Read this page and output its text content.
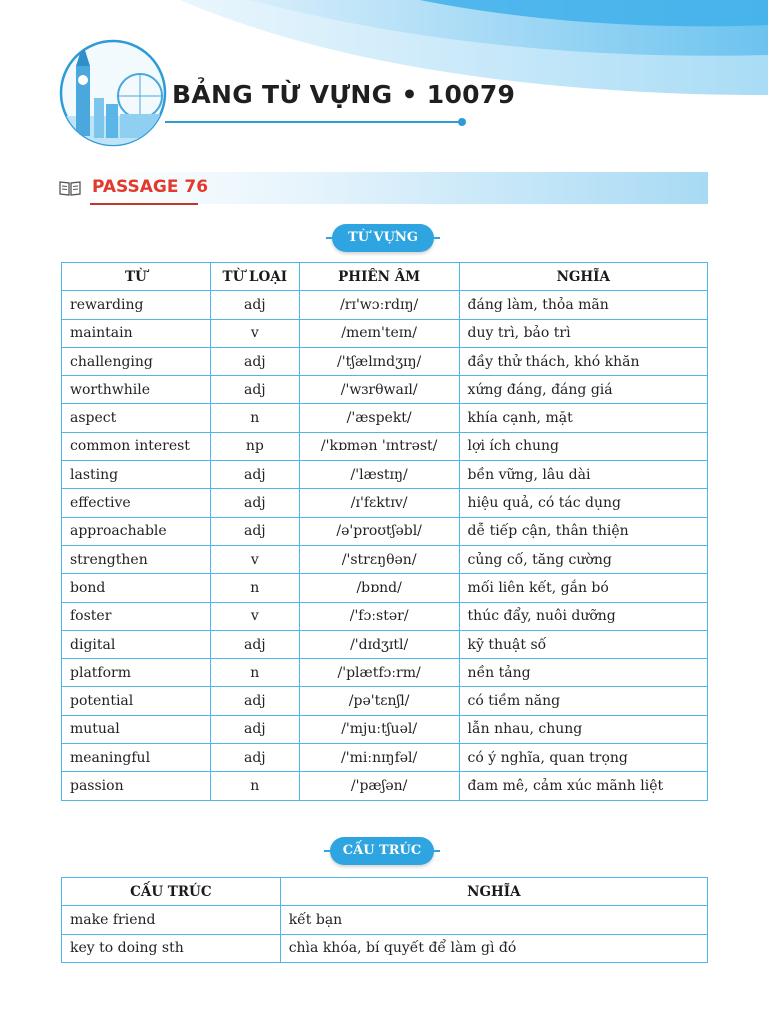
BẢNG TỪ VỰNG • 10079
PASSAGE 76
TỪ VỰNG
TỪ	TỪ LOẠI	PHIÊN ÂM	NGHĨA
rewarding	adj	/rɪ'wɔːrdɪŋ/	đáng làm, thỏa mãn
maintain	v	/meɪn'teɪn/	duy trì, bảo trì
challenging	adj	/'tʃælɪndʒɪŋ/	đầy thử thách, khó khăn
worthwhile	adj	/'wɜrθwaɪl/	xứng đáng, đáng giá
aspect	n	/'æspekt/	khía cạnh, mặt
common interest	np	/'kɒmən 'ɪntrəst/	lợi ích chung
lasting	adj	/'læstɪŋ/	bền vững, lâu dài
effective	adj	/ɪ'fɛktɪv/	hiệu quả, có tác dụng
approachable	adj	/ə'proʊtʃəbl/	dễ tiếp cận, thân thiện
strengthen	v	/'strɛŋθən/	củng cố, tăng cường
bond	n	/bɒnd/	mối liên kết, gắn bó
foster	v	/'fɔːstər/	thúc đẩy, nuôi dưỡng
digital	adj	/'dɪdʒɪtl/	kỹ thuật số
platform	n	/'plætfɔːrm/	nền tảng
potential	adj	/pə'tɛnʃl/	có tiềm năng
mutual	adj	/'mjuːtʃuəl/	lẫn nhau, chung
meaningful	adj	/'miːnɪŋfəl/	có ý nghĩa, quan trọng
passion	n	/'pæʃən/	đam mê, cảm xúc mãnh liệt
CẤU TRÚC
CẤU TRÚC	NGHĨA
make friend	kết bạn
key to doing sth	chìa khóa, bí quyết để làm gì đó
